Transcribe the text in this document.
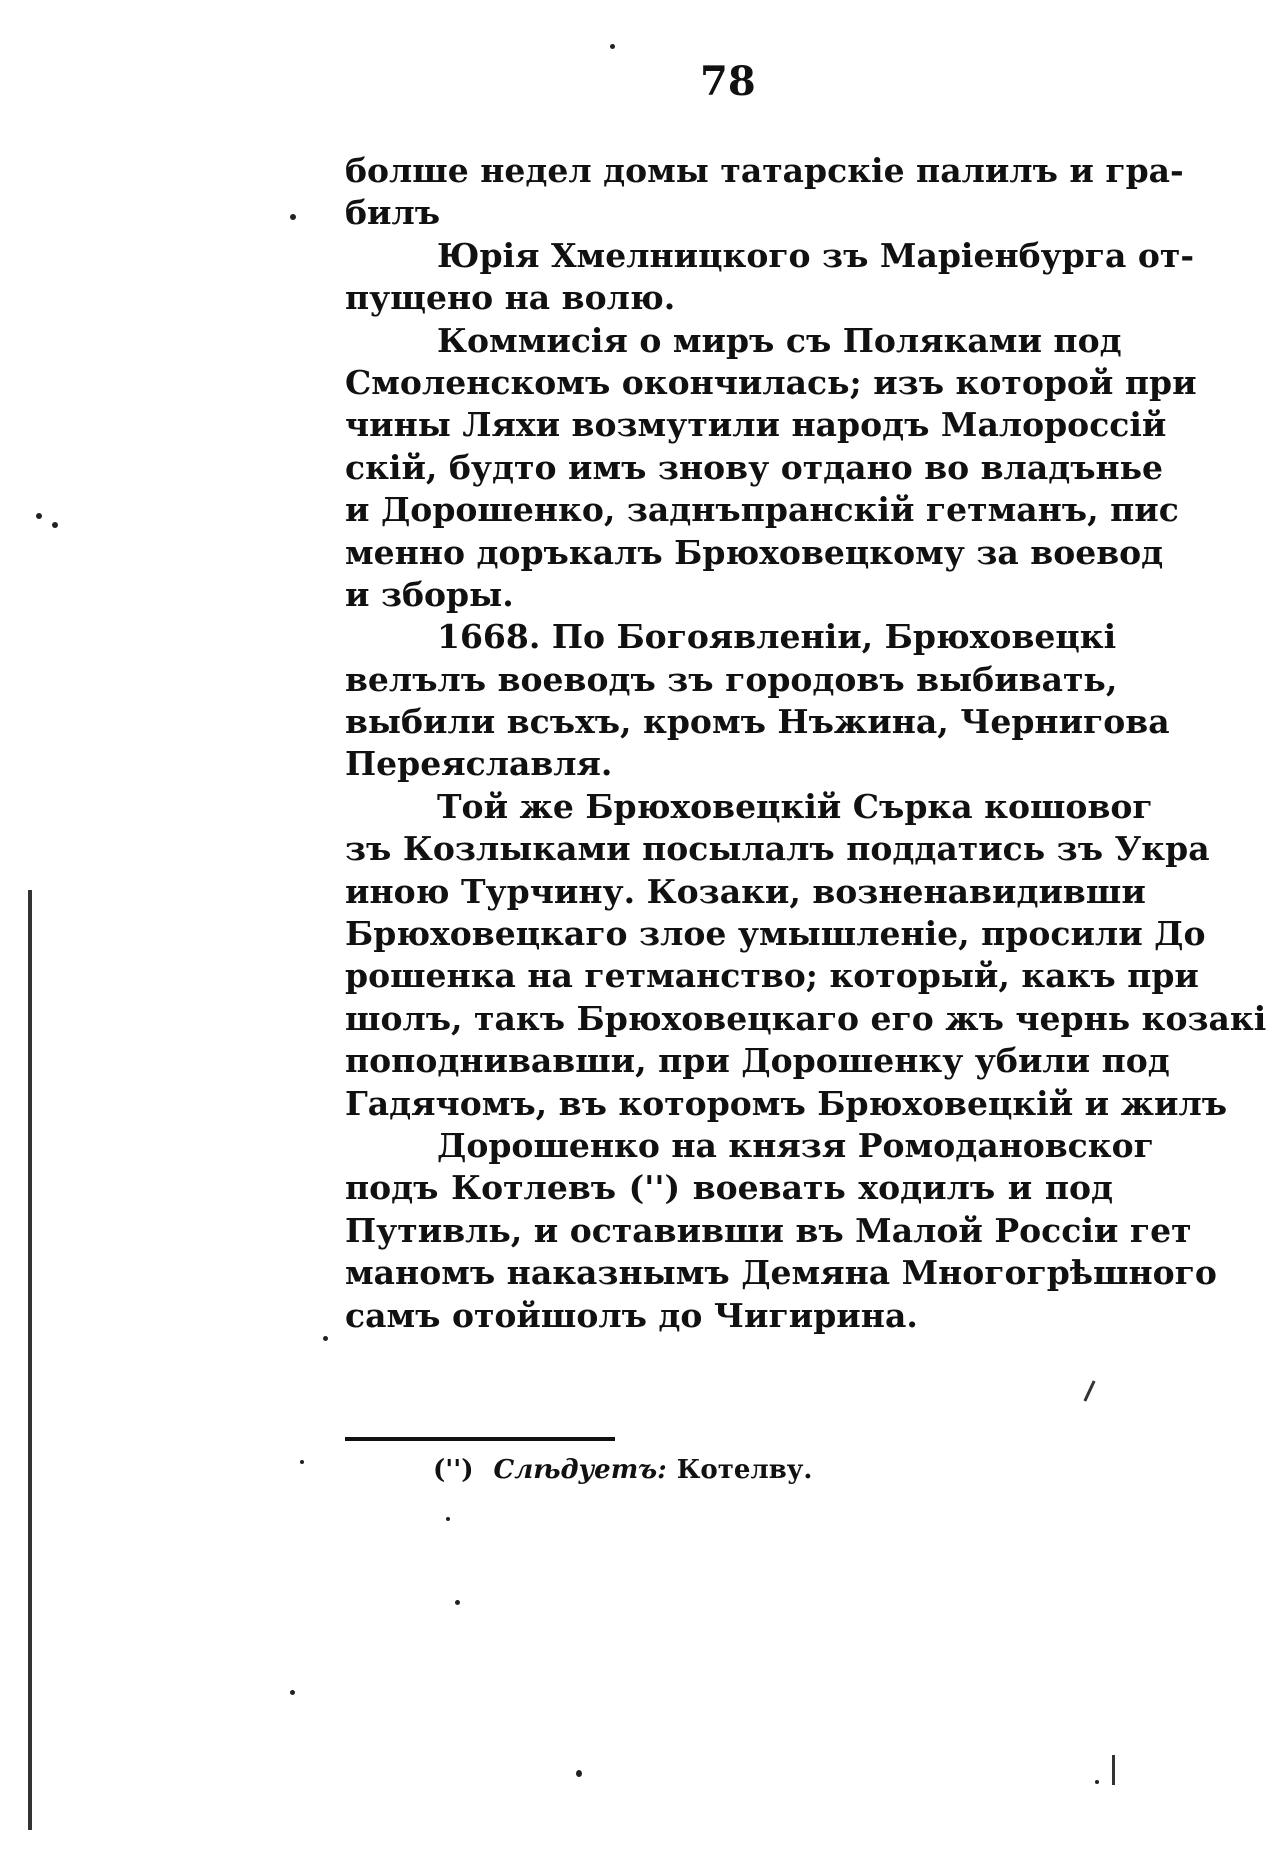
78
болше недел домы татарскіе палилъ и гра-
билъ
Юрія Хмелницкого зъ Маріенбурга от-
пущено на волю.
Коммисія о миръ съ Поляками под
Смоленскомъ окончилась; изъ которой при
чины Ляхи возмутили народъ Малороссій
скій, будто имъ знову отдано во владънье
и Дорошенко, заднъпранскій гетманъ, пис
менно доръкалъ Брюховецкому за воевод
и зборы.
1668. По Богоявленіи, Брюховецкі
велълъ воеводъ зъ городовъ выбивать,
выбили всъхъ, кромъ Нъжина, Чернигова
Переяславля.
Той же Брюховецкій Сърка кошовог
зъ Козлыками посылалъ поддатись зъ Укра
иною Турчину. Козаки, возненавидивши
Брюховецкаго злое умышленіе, просили До
рошенка на гетманство; который, какъ при
шолъ, такъ Брюховецкаго его жъ чернь козакі
поподнивавши, при Дорошенку убили под
Гадячомъ, въ которомъ Брюховецкій и жилъ
Дорошенко на князя Ромодановског
подъ Котлевъ ('') воевать ходилъ и под
Путивль, и оставивши въ Малой Россіи гет
маномъ наказнымъ Демяна Многогрѣшного
самъ отойшолъ до Чигирина.
('') Слѣдуетъ: Котелву.
